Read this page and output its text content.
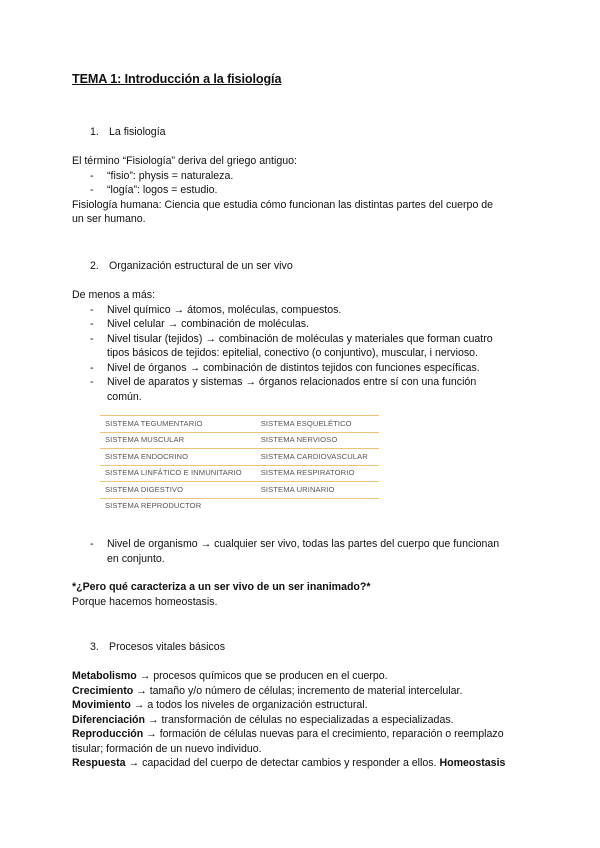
TEMA 1: Introducción a la fisiología
1. La fisiología
El término “Fisiología” deriva del griego antiguo:
- “fisio”: physis = naturaleza.
- “logía”: logos = estudio.
Fisiología humana: Ciencia que estudia cómo funcionan las distintas partes del cuerpo de
un ser humano.
2. Organización estructural de un ser vivo
De menos a más:
- Nivel químico → átomos, moléculas, compuestos.
- Nivel celular → combinación de moléculas.
- Nivel tisular (tejidos) → combinación de moléculas y materiales que forman cuatro
tipos básicos de tejidos: epitelial, conectivo (o conjuntivo), muscular, i nervioso.
- Nivel de órganos → combinación de distintos tejidos con funciones específicas.
- Nivel de aparatos y sistemas → órganos relacionados entre sí con una función
común.
SISTEMA TEGUMENTARIO	SISTEMA ESQUELÉTICO
SISTEMA MUSCULAR	SISTEMA NERVIOSO
SISTEMA ENDOCRINO	SISTEMA CARDIOVASCULAR
SISTEMA LINFÁTICO E INMUNITARIO	SISTEMA RESPIRATORIO
SISTEMA DIGESTIVO	SISTEMA URINARIO
SISTEMA REPRODUCTOR	
- Nivel de organismo → cualquier ser vivo, todas las partes del cuerpo que funcionan
en conjunto.
*¿Pero qué caracteriza a un ser vivo de un ser inanimado?*
Porque hacemos homeostasis.
3. Procesos vitales básicos
Metabolismo → procesos químicos que se producen en el cuerpo.
Crecimiento → tamaño y/o número de células; incremento de material intercelular.
Movimiento → a todos los niveles de organización estructural.
Diferenciación → transformación de células no especializadas a especializadas.
Reproducción → formación de células nuevas para el crecimiento, reparación o reemplazo
tisular; formación de un nuevo individuo.
Respuesta → capacidad del cuerpo de detectar cambios y responder a ellos. Homeostasis
